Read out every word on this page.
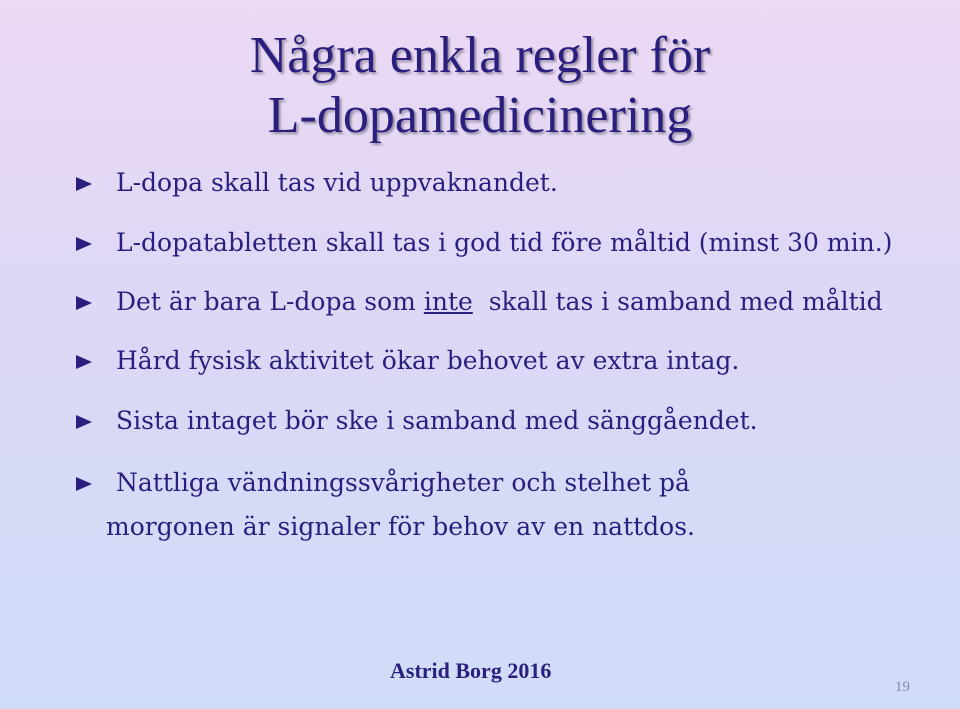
Några enkla regler för
L-dopamedicinering
L-dopa skall tas vid uppvaknandet.
L-dopatabletten skall tas i god tid före måltid (minst 30 min.)
Det är bara L-dopa som inte  skall tas i samband med måltid
Hård fysisk aktivitet ökar behovet av extra intag.
Sista intaget bör ske i samband med sänggåendet.
Nattliga vändningssvårigheter och stelhet på
morgonen är signaler för behov av en nattdos.
Astrid Borg 2016
19
